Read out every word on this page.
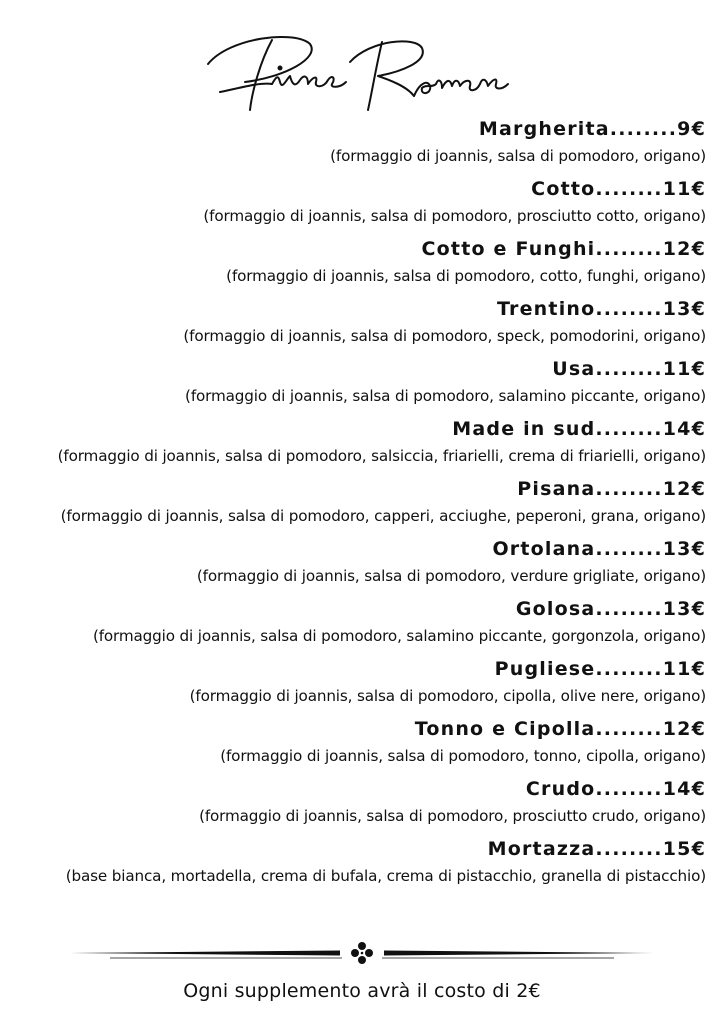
Margherita........9€
(formaggio di joannis, salsa di pomodoro, origano)
Cotto........11€
(formaggio di joannis, salsa di pomodoro, prosciutto cotto, origano)
Cotto e Funghi........12€
(formaggio di joannis, salsa di pomodoro, cotto, funghi, origano)
Trentino........13€
(formaggio di joannis, salsa di pomodoro, speck, pomodorini, origano)
Usa........11€
(formaggio di joannis, salsa di pomodoro, salamino piccante, origano)
Made in sud........14€
(formaggio di joannis, salsa di pomodoro, salsiccia, friarielli, crema di friarielli, origano)
Pisana........12€
(formaggio di joannis, salsa di pomodoro, capperi, acciughe, peperoni, grana, origano)
Ortolana........13€
(formaggio di joannis, salsa di pomodoro, verdure grigliate, origano)
Golosa........13€
(formaggio di joannis, salsa di pomodoro, salamino piccante, gorgonzola, origano)
Pugliese........11€
(formaggio di joannis, salsa di pomodoro, cipolla, olive nere, origano)
Tonno e Cipolla........12€
(formaggio di joannis, salsa di pomodoro, tonno, cipolla, origano)
Crudo........14€
(formaggio di joannis, salsa di pomodoro, prosciutto crudo, origano)
Mortazza........15€
(base bianca, mortadella, crema di bufala, crema di pistacchio, granella di pistacchio)
Ogni supplemento avrà il costo di 2€
